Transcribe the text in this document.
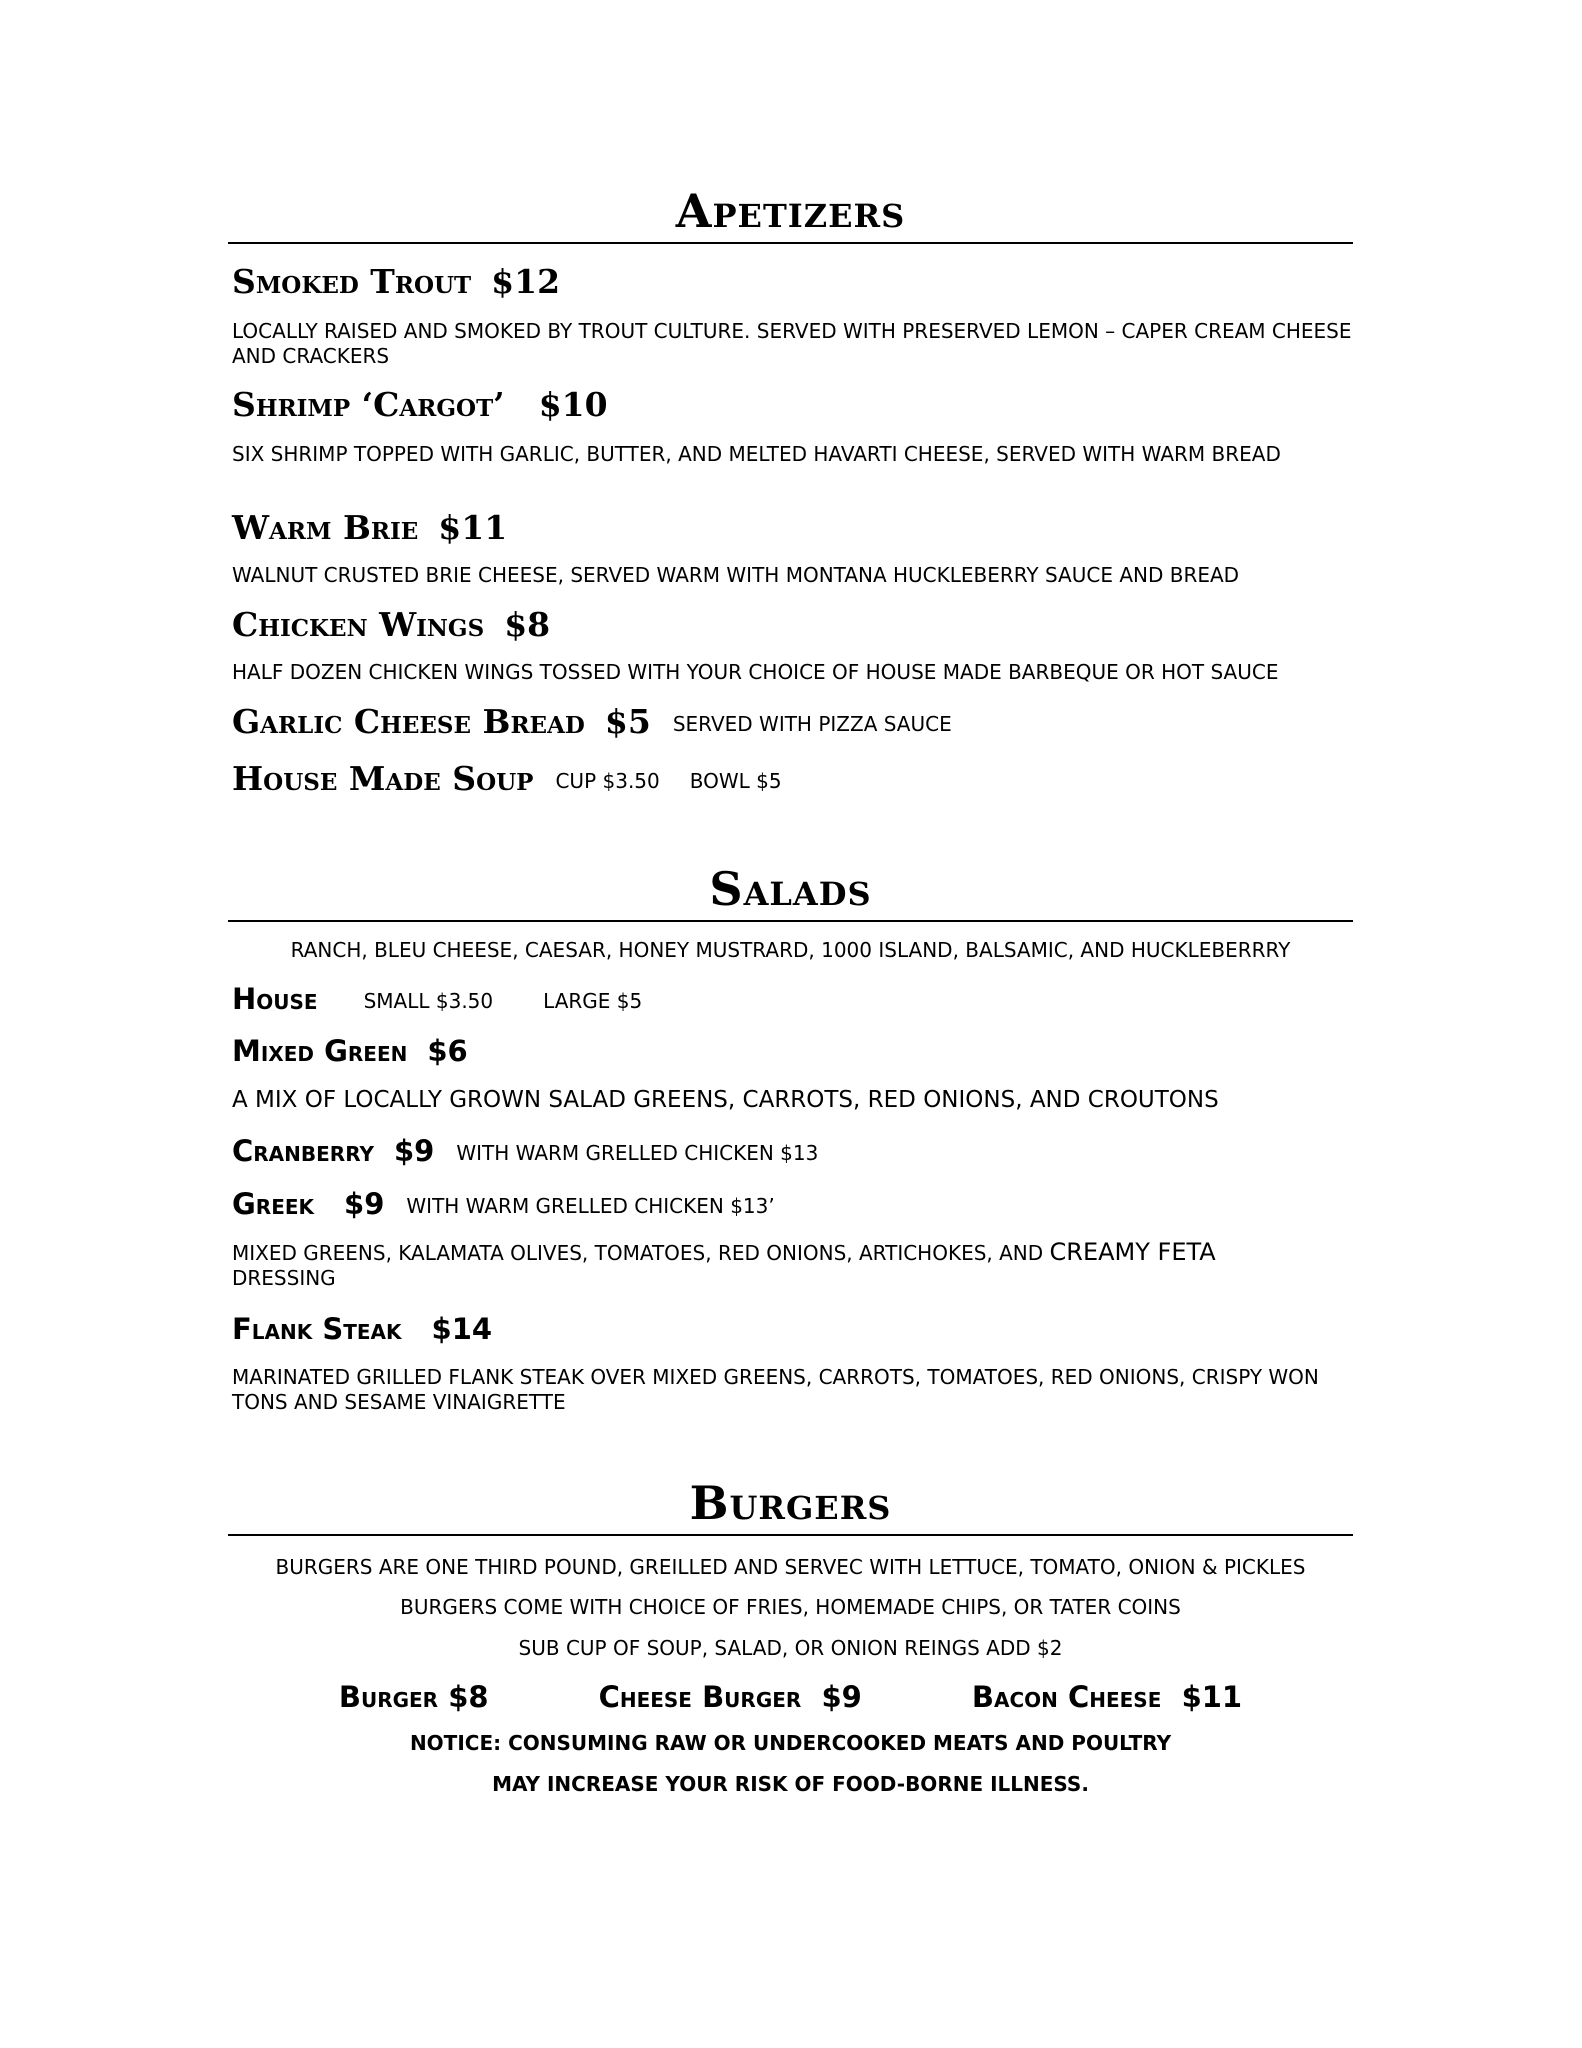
Apetizers
Smoked Trout $12

LOCALLY RAISED AND SMOKED BY TROUT CULTURE. SERVED WITH PRESERVED LEMON – CAPER CREAM CHEESE AND CRACKERS

Shrimp ‘Cargot’ $10

SIX SHRIMP TOPPED WITH GARLIC, BUTTER, AND MELTED HAVARTI CHEESE, SERVED WITH WARM BREAD

Warm Brie $11

WALNUT CRUSTED BRIE CHEESE, SERVED WARM WITH MONTANA HUCKLEBERRY SAUCE AND BREAD

Chicken Wings $8

HALF DOZEN CHICKEN WINGS TOSSED WITH YOUR CHOICE OF HOUSE MADE BARBEQUE OR HOT SAUCE

Garlic Cheese Bread $5 SERVED WITH PIZZA SAUCE
House Made Soup CUP $3.50 BOWL $5
Salads

RANCH, BLEU CHEESE, CAESAR, HONEY MUSTRARD, 1000 ISLAND, BALSAMIC, AND HUCKLEBERRRY

House SMALL $3.50	LARGE $5
Mixed Green $6

A MIX OF LOCALLY GROWN SALAD GREENS, CARROTS, RED ONIONS, AND CROUTONS

Cranberry $9 WITH WARM GRELLED CHICKEN $13
Greek $9 WITH WARM GRELLED CHICKEN $13’

MIXED GREENS, KALAMATA OLIVES, TOMATOES, RED ONIONS, ARTICHOKES, AND CREAMY FETA
DRESSING

Flank Steak $14

MARINATED GRILLED FLANK STEAK OVER MIXED GREENS, CARROTS, TOMATOES, RED ONIONS, CRISPY WON TONS AND SESAME VINAIGRETTE

Burgers

BURGERS ARE ONE THIRD POUND, GREILLED AND SERVEC WITH LETTUCE, TOMATO, ONION & PICKLES

BURGERS COME WITH CHOICE OF FRIES, HOMEMADE CHIPS, OR TATER COINS

SUB CUP OF SOUP, SALAD, OR ONION REINGS ADD $2

Burger $8	Cheese Burger $9	Bacon Cheese $11

NOTICE: CONSUMING RAW OR UNDERCOOKED MEATS AND POULTRY

MAY INCREASE YOUR RISK OF FOOD-BORNE ILLNESS.
